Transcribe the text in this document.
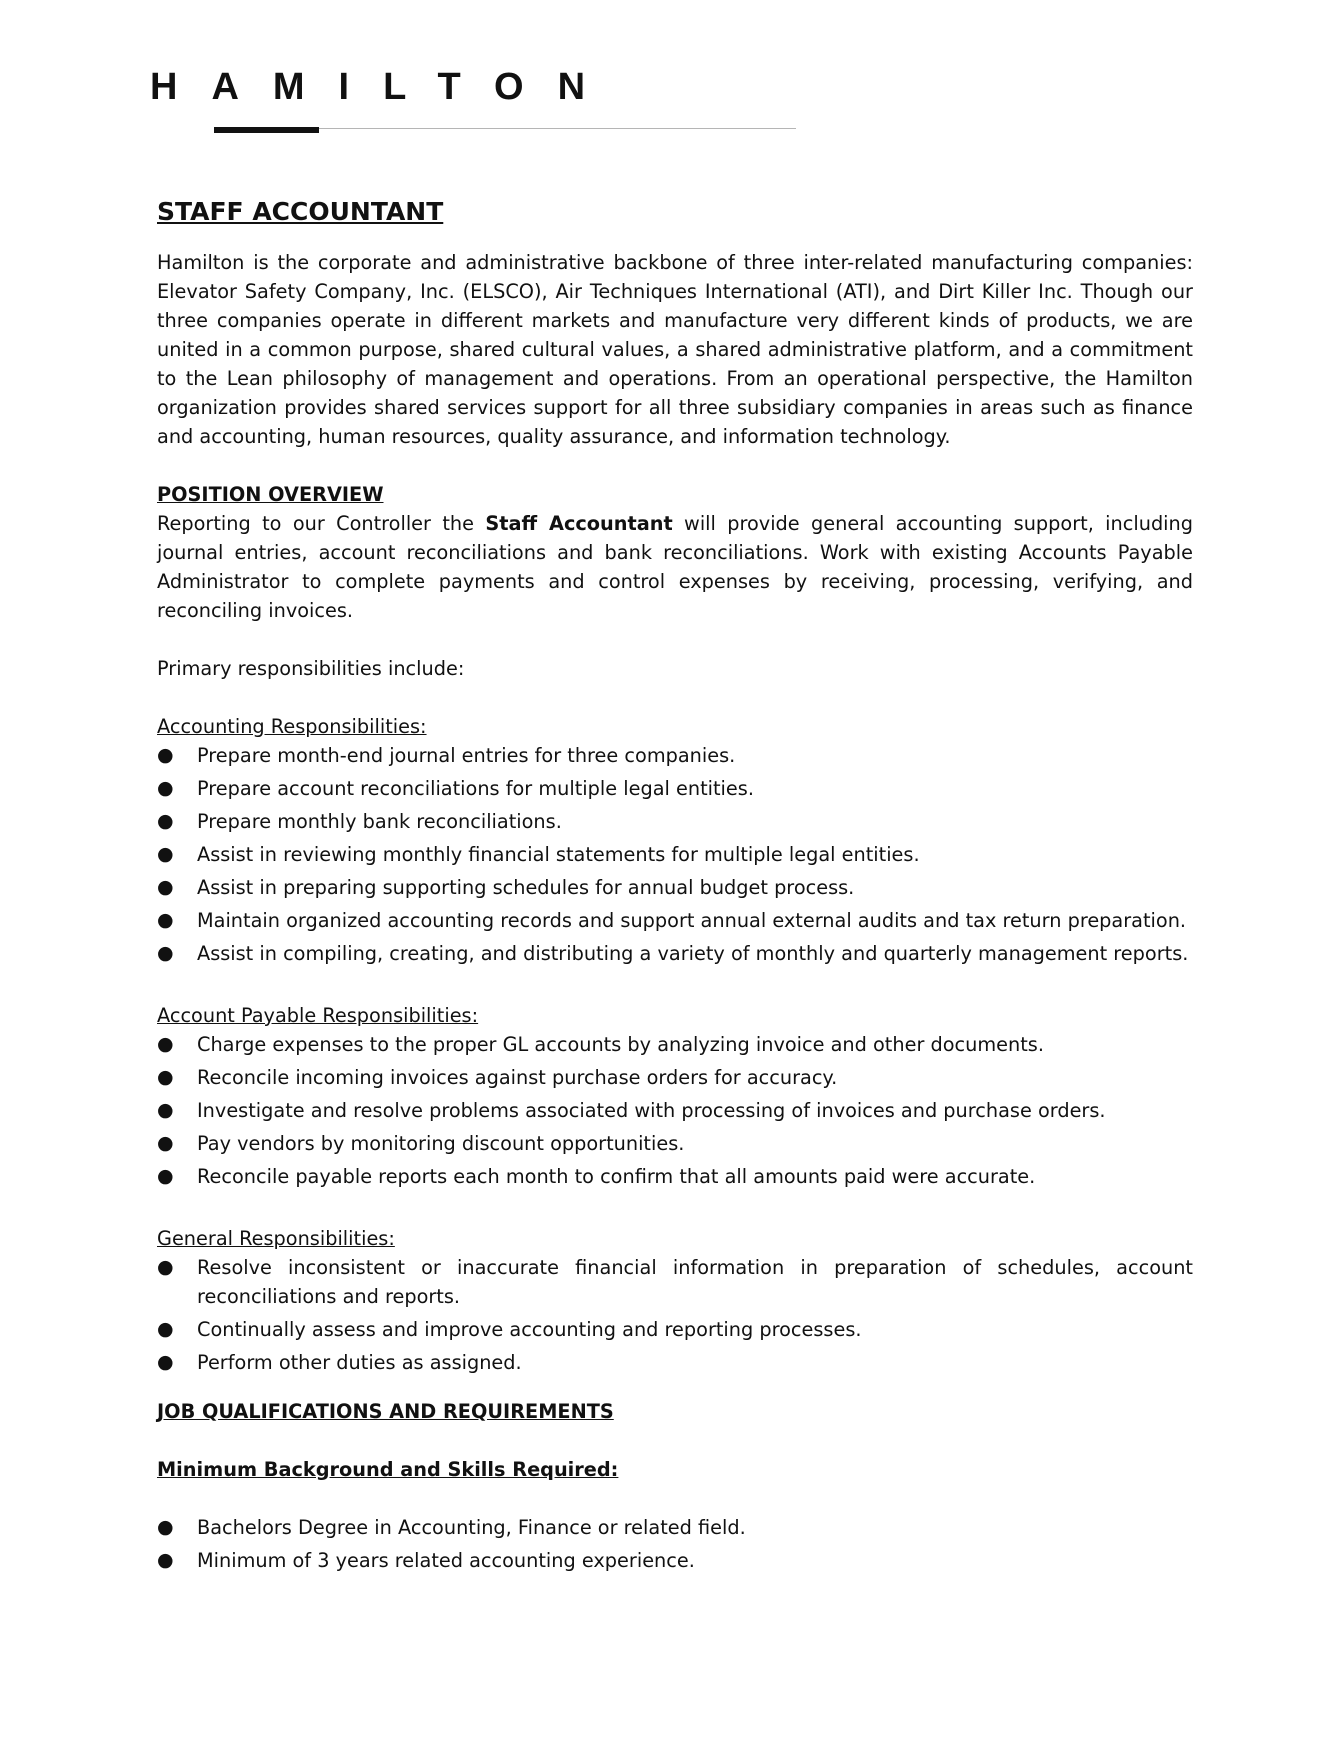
HAMILTON
STAFF ACCOUNTANT

Hamilton is the corporate and administrative backbone of three inter-related manufacturing companies: Elevator Safety Company, Inc. (ELSCO), Air Techniques International (ATI), and Dirt Killer Inc. Though our three companies operate in different markets and manufacture very different kinds of products, we are united in a common purpose, shared cultural values, a shared administrative platform, and a commitment to the Lean philosophy of management and operations. From an operational perspective, the Hamilton organization provides shared services support for all three subsidiary companies in areas such as finance and accounting, human resources, quality assurance, and information technology.

POSITION OVERVIEW

Reporting to our Controller the Staff Accountant will provide general accounting support, including journal entries, account reconciliations and bank reconciliations. Work with existing Accounts Payable Administrator to complete payments and control expenses by receiving, processing, verifying, and reconciling invoices.

Primary responsibilities include:

Accounting Responsibilities:
● Prepare month-end journal entries for three companies.
● Prepare account reconciliations for multiple legal entities.
● Prepare monthly bank reconciliations.
● Assist in reviewing monthly financial statements for multiple legal entities.
● Assist in preparing supporting schedules for annual budget process.
● Maintain organized accounting records and support annual external audits and tax return preparation.
● Assist in compiling, creating, and distributing a variety of monthly and quarterly management reports.
Account Payable Responsibilities:
● Charge expenses to the proper GL accounts by analyzing invoice and other documents.
● Reconcile incoming invoices against purchase orders for accuracy.
● Investigate and resolve problems associated with processing of invoices and purchase orders.
● Pay vendors by monitoring discount opportunities.
● Reconcile payable reports each month to confirm that all amounts paid were accurate.
General Responsibilities:
● Resolve inconsistent or inaccurate financial information in preparation of schedules, account reconciliations and reports.
● Continually assess and improve accounting and reporting processes.
● Perform other duties as assigned.
JOB QUALIFICATIONS AND REQUIREMENTS
Minimum Background and Skills Required:
● Bachelors Degree in Accounting, Finance or related field.
● Minimum of 3 years related accounting experience.
